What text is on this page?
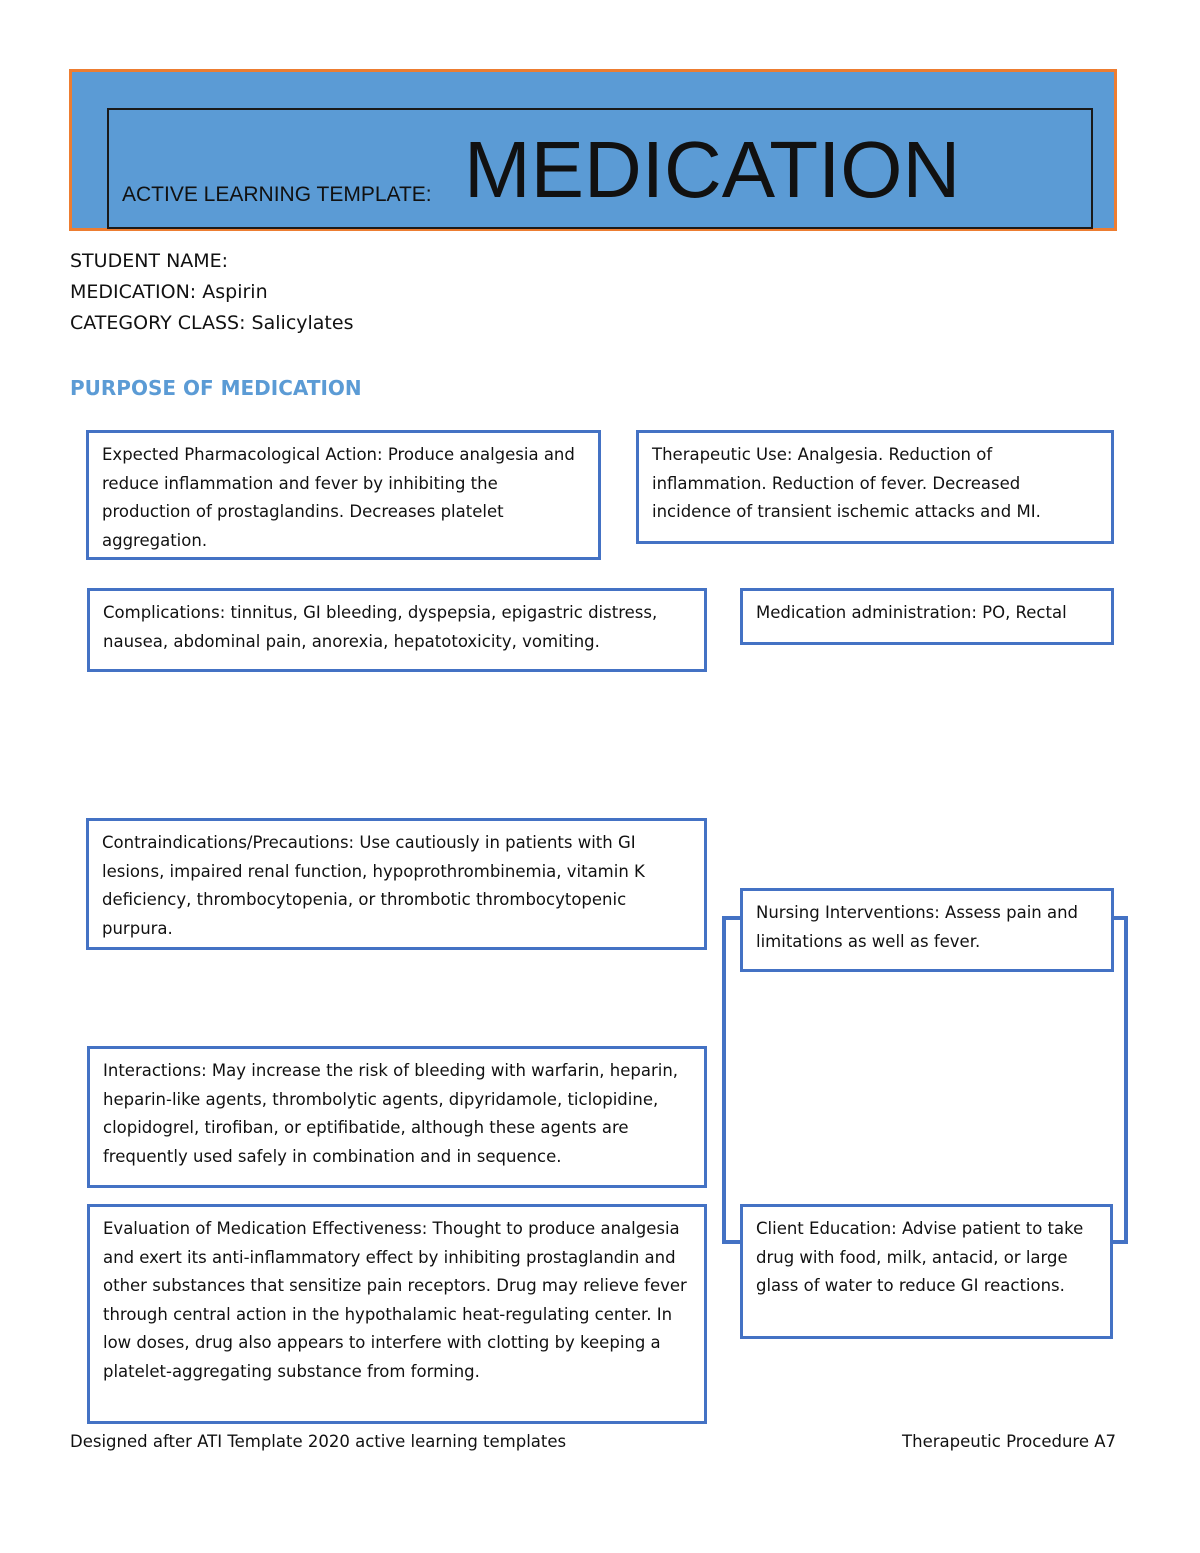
ACTIVE LEARNING TEMPLATE: MEDICATION
STUDENT NAME:
MEDICATION: Aspirin
CATEGORY CLASS: Salicylates
PURPOSE OF MEDICATION
Expected Pharmacological Action: Produce analgesia and reduce inflammation and fever by inhibiting the production of prostaglandins. Decreases platelet aggregation.
Therapeutic Use: Analgesia. Reduction of inflammation. Reduction of fever. Decreased incidence of transient ischemic attacks and MI.
Complications: tinnitus, GI bleeding, dyspepsia, epigastric distress, nausea, abdominal pain, anorexia, hepatotoxicity, vomiting.
Medication administration: PO, Rectal
Contraindications/Precautions: Use cautiously in patients with GI lesions, impaired renal function, hypoprothrombinemia, vitamin K deficiency, thrombocytopenia, or thrombotic thrombocytopenic purpura.
Nursing Interventions: Assess pain and limitations as well as fever.
Interactions: May increase the risk of bleeding with warfarin, heparin, heparin-like agents, thrombolytic agents, dipyridamole, ticlopidine, clopidogrel, tirofiban, or eptifibatide, although these agents are frequently used safely in combination and in sequence.
Client Education: Advise patient to take drug with food, milk, antacid, or large glass of water to reduce GI reactions.
Evaluation of Medication Effectiveness: Thought to produce analgesia and exert its anti-inflammatory effect by inhibiting prostaglandin and other substances that sensitize pain receptors. Drug may relieve fever through central action in the hypothalamic heat-regulating center. In low doses, drug also appears to interfere with clotting by keeping a platelet-aggregating substance from forming.
Designed after ATI Template 2020 active learning templates	Therapeutic Procedure A7
